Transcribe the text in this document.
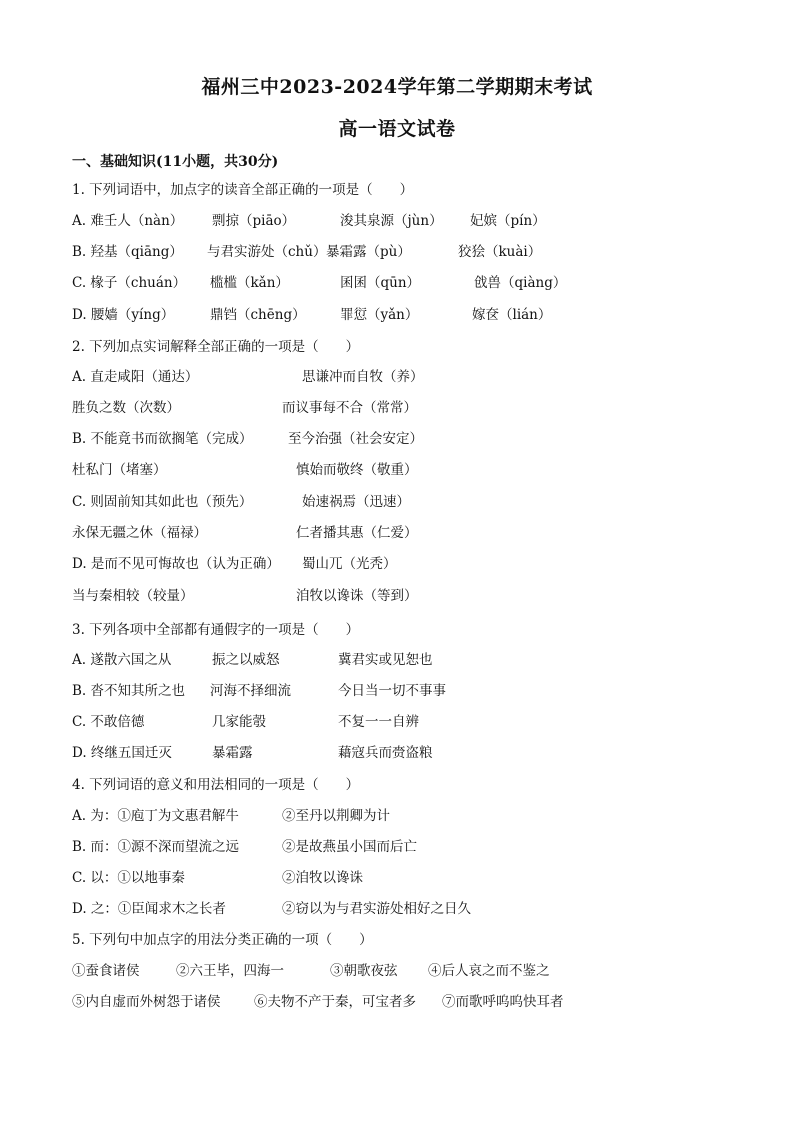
福州三中2023-2024学年第二学期期末考试
高一语文试卷
一、基础知识(11小题，共30分)
1. 下列词语中，加点字的读音全部正确的一项是（　　）
A. 难壬人（nàn） 剽掠（piāo）	浚其泉源（jùn） 妃嫔（pín）
B. 羟基（qiāng） 与君实游处（chǔ） 暴霜露（pù）	狡狯（kuài）
C. 椽子（chuán） 槛槛（kǎn）	囷囷（qūn）	戗兽（qiàng）
D. 腰嫱（yíng）	鼎铛（chēng）	罪愆（yǎn）	嫁奁（lián）
2. 下列加点实词解释全部正确的一项是（　　）
A. 直走咸阳（通达）	思谦冲而自牧（养）
胜负之数（次数）	而议事每不合（常常）
B. 不能竟书而欲搁笔（完成）	至今治强（社会安定）
杜私门（堵塞）	慎始而敬终（敬重）
C. 则固前知其如此也（预先）	始速祸焉（迅速）
永保无疆之休（福禄）	仁者播其惠（仁爱）
D. 是而不见可悔故也（认为正确） 蜀山兀（光秃）
当与秦相较（较量）	洎牧以谗诛（等到）
3. 下列各项中全部都有通假字的一项是（　　）
A. 遂散六国之从	振之以威怒	冀君实或见恕也
B. 沓不知其所之也 河海不择细流	今日当一切不事事
C. 不敢倍德	几家能彀	不复一一自辨
D. 终继五国迁灭	暴霜露	藉寇兵而赍盗粮
4. 下列词语的意义和用法相同的一项是（　　）
A. 为：①庖丁为文惠君解牛	②至丹以荆卿为计
B. 而：①源不深而望流之远	②是故燕虽小国而后亡
C. 以：①以地事秦	②洎牧以谗诛
D. 之：①臣闻求木之长者	②窃以为与君实游处相好之日久
5. 下列句中加点字的用法分类正确的一项（　　）
①蚕食诸侯	②六王毕，四海一	③朝歌夜弦 ④后人哀之而不鉴之
⑤内自虚而外树怨于诸侯 ⑥夫物不产于秦，可宝者多 ⑦而歌呼呜呜快耳者
